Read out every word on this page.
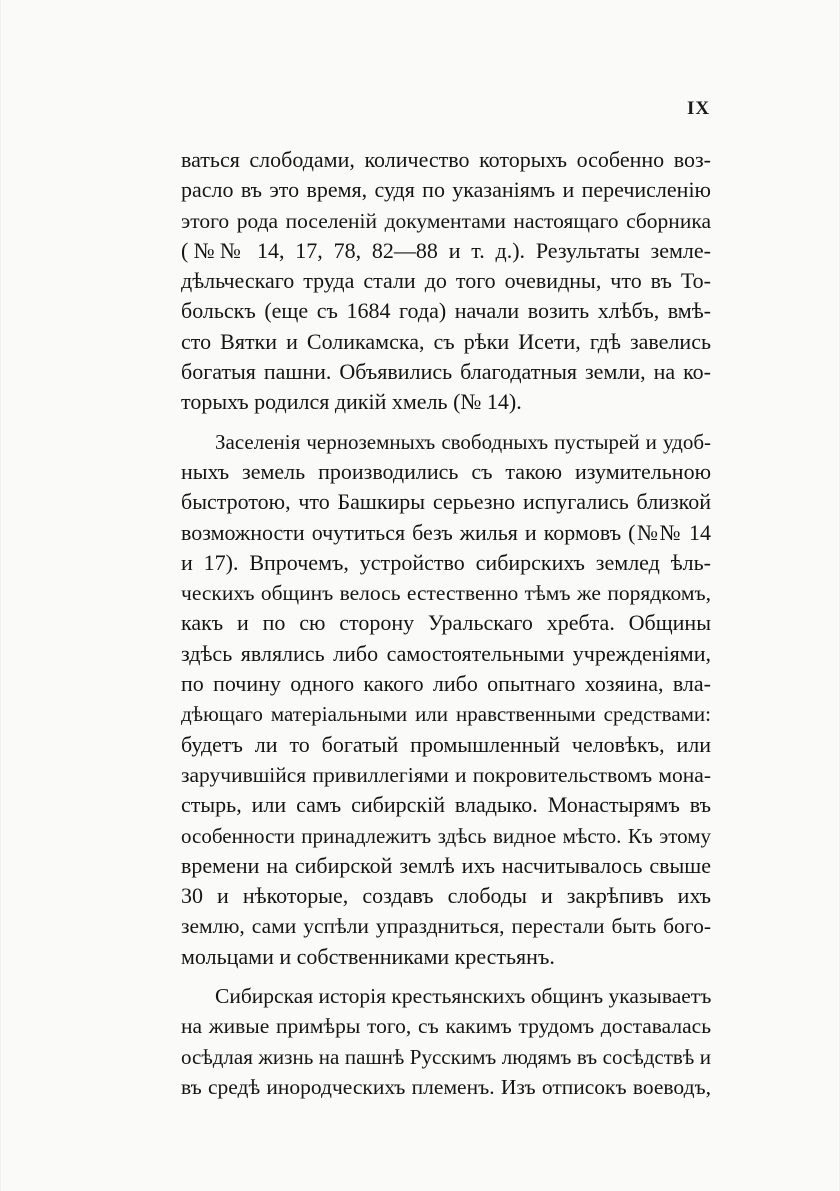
IX
ваться слободами, количество которыхъ особенно воз-
расло въ это время, судя по указаніямъ и перечисленію
этого рода поселеній документами настоящаго сборника
(№№ 14, 17, 78, 82—88 и т. д.). Результаты земле-
дѣльческаго труда стали до того очевидны, что въ То-
больскъ (еще съ 1684 года) начали возить хлѣбъ, вмѣ-
сто Вятки и Соликамска, съ рѣки Исети, гдѣ завелись
богатыя пашни. Объявились благодатныя земли, на ко-
торыхъ родился дикій хмель (№ 14).
Заселенія черноземныхъ свободныхъ пустырей и удоб-
ныхъ земель производились съ такою изумительною
быстротою, что Башкиры серьезно испугались близкой
возможности очутиться безъ жилья и кормовъ (№№ 14
и 17). Впрочемъ, устройство сибирскихъ землед ѣль-
ческихъ общинъ велось естественно тѣмъ же порядкомъ,
какъ и по сю сторону Уральскаго хребта. Общины
здѣсь являлись либо самостоятельными учрежденіями,
по почину одного какого либо опытнаго хозяина, вла-
дѣющаго матеріальными или нравственными средствами:
будетъ ли то богатый промышленный человѣкъ, или
заручившійся привиллегіями и покровительствомъ мона-
стырь, или самъ сибирскій владыко. Монастырямъ въ
особенности принадлежитъ здѣсь видное мѣсто. Къ этому
времени на сибирской землѣ ихъ насчитывалось свыше
30 и нѣкоторые, создавъ слободы и закрѣпивъ ихъ
землю, сами успѣли упраздниться, перестали быть бого-
мольцами и собственниками крестьянъ.
Сибирская исторія крестьянскихъ общинъ указываетъ
на живые примѣры того, съ какимъ трудомъ доставалась
осѣдлая жизнь на пашнѣ Русскимъ людямъ въ сосѣдствѣ и
въ средѣ инородческихъ племенъ. Изъ отписокъ воеводъ,
